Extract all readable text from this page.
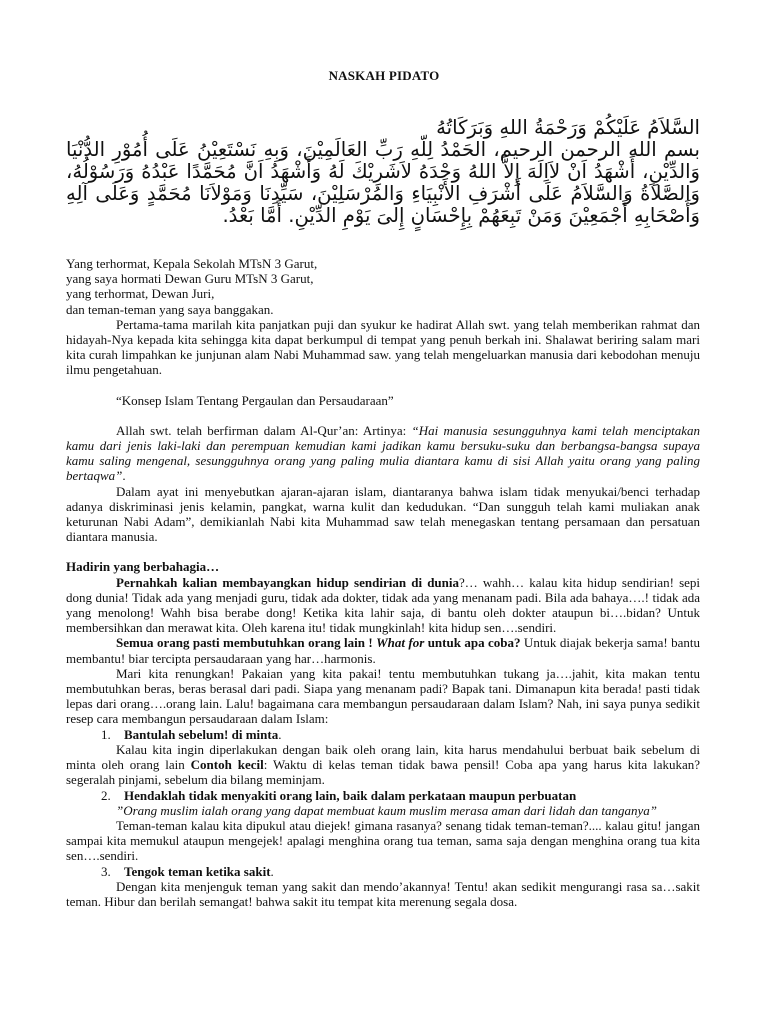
NASKAH PIDATO
السَّلاَمُ عَلَيْكُمْ وَرَحْمَةُ اللهِ وَبَرَكَاتُهُ
بسم الله الرحمن الرحيم، الحَمْدُ لِلّهِ رَبِّ العَالَمِيْنَ، وَبِهِ نَسْتَعِيْنُ عَلَى أُمُوْرِ الدُّنْيَا وَالدِّيْنِ، أَشْهَدُ اَنْ لاَاِلَهَ إِلاَّ اللهُ وَحْدَهُ لاَشَرِيْكَ لَهُ وَأَشْهَدُ اَنَّ مُحَمَّدًا عَبْدُهُ وَرَسُوْلُهُ، وَالصَّلاَةُ وَالسَّلاَمُ عَلَى أَشْرَفِ الأَنْبِيَاءِ وَالمُرْسَلِيْنَ، سَيِّدِنَا وَمَوْلاَنَا مُحَمَّدٍ وَعَلَى آلِهِ وَأَصْحَابِهِ أَجْمَعِيْنَ وَمَنْ تَبِعَهُمْ بِإِحْسَانٍ إِلىَ يَوْمِ الدِّيْنِ. أَمَّا بَعْدُ.

Yang terhormat, Kepala Sekolah MTsN 3 Garut,

yang saya hormati Dewan Guru MTsN 3 Garut,

yang terhormat, Dewan Juri,

dan teman-teman yang saya banggakan.

Pertama-tama marilah kita panjatkan puji dan syukur ke hadirat Allah swt. yang telah memberikan rahmat dan hidayah-Nya kepada kita sehingga kita dapat berkumpul di tempat yang penuh berkah ini. Shalawat beriring salam mari kita curah limpahkan ke junjunan alam Nabi Muhammad saw. yang telah mengeluarkan manusia dari kebodohan menuju ilmu pengetahuan.

“Konsep Islam Tentang Pergaulan dan Persaudaraan”

Allah swt. telah berfirman dalam Al-Qur’an: Artinya: “Hai manusia sesungguhnya kami telah menciptakan kamu dari jenis laki-laki dan perempuan kemudian kami jadikan kamu bersuku-suku dan berbangsa-bangsa supaya kamu saling mengenal, sesungguhnya orang yang paling mulia diantara kamu di sisi Allah yaitu orang yang paling bertaqwa”.

Dalam ayat ini menyebutkan ajaran-ajaran islam, diantaranya bahwa islam tidak menyukai/benci terhadap adanya diskriminasi jenis kelamin, pangkat, warna kulit dan kedudukan. “Dan sungguh telah kami muliakan anak keturunan Nabi Adam”, demikianlah Nabi kita Muhammad saw telah menegaskan tentang persamaan dan persatuan diantara manusia.

Hadirin yang berbahagia…

Pernahkah kalian membayangkan hidup sendirian di dunia?… wahh… kalau kita hidup sendirian! sepi dong dunia! Tidak ada yang menjadi guru, tidak ada dokter, tidak ada yang menanam padi. Bila ada bahaya….! tidak ada yang menolong! Wahh bisa berabe dong! Ketika kita lahir saja, di bantu oleh dokter ataupun bi….bidan? Untuk membersihkan dan merawat kita. Oleh karena itu! tidak mungkinlah! kita hidup sen….sendiri.

Semua orang pasti membutuhkan orang lain ! What for untuk apa coba? Untuk diajak bekerja sama! bantu membantu! biar tercipta persaudaraan yang har…harmonis.

Mari kita renungkan! Pakaian yang kita pakai! tentu membutuhkan tukang ja….jahit, kita makan tentu membutuhkan beras, beras berasal dari padi. Siapa yang menanam padi? Bapak tani. Dimanapun kita berada! pasti tidak lepas dari orang….orang lain. Lalu! bagaimana cara membangun persaudaraan dalam Islam? Nah, ini saya punya sedikit resep cara membangun persaudaraan dalam Islam:

1. Bantulah sebelum! di minta.

Kalau kita ingin diperlakukan dengan baik oleh orang lain, kita harus mendahului berbuat baik sebelum di minta oleh orang lain Contoh kecil: Waktu di kelas teman tidak bawa pensil! Coba apa yang harus kita lakukan? segeralah pinjami, sebelum dia bilang meminjam.

2. Hendaklah tidak menyakiti orang lain, baik dalam perkataan maupun perbuatan

”Orang muslim ialah orang yang dapat membuat kaum muslim merasa aman dari lidah dan tanganya”

Teman-teman kalau kita dipukul atau diejek! gimana rasanya? senang tidak teman-teman?.... kalau gitu! jangan sampai kita memukul ataupun mengejek! apalagi menghina orang tua teman, sama saja dengan menghina orang tua kita sen….sendiri.

3. Tengok teman ketika sakit.

Dengan kita menjenguk teman yang sakit dan mendo’akannya! Tentu! akan sedikit mengurangi rasa sa…sakit teman. Hibur dan berilah semangat! bahwa sakit itu tempat kita merenung segala dosa.
